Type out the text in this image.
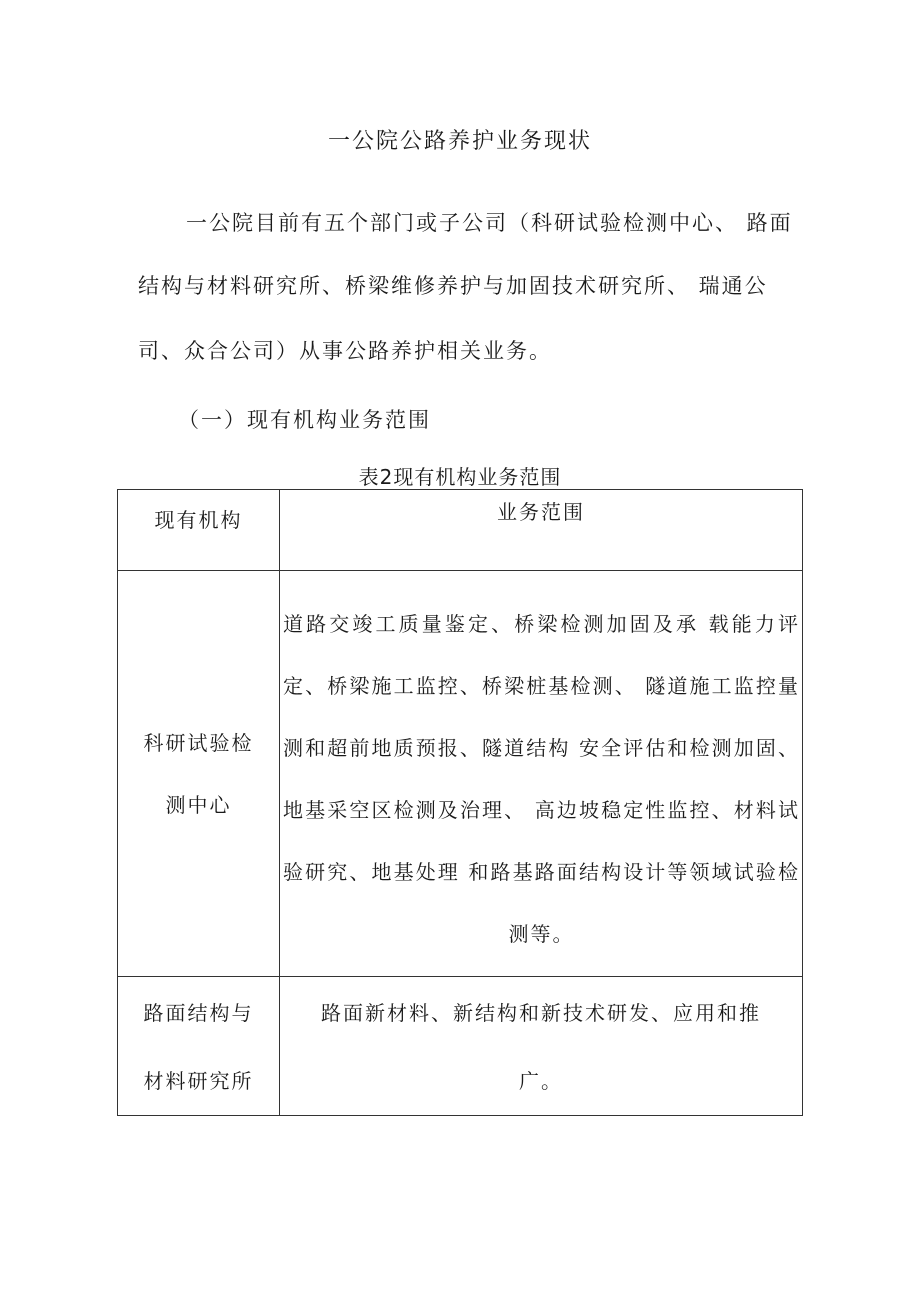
一公院公路养护业务现状
一公院目前有五个部门或子公司（科研试验检测中心、 路面
结构与材料研究所、桥梁维修养护与加固技术研究所、 瑞通公
司、众合公司）从事公路养护相关业务。
（一）现有机构业务范围
表2现有机构业务范围
现有机构	业务范围

科研试验检测中心	道路交竣工质量鉴定、桥梁检测加固及承 载能力评定、桥梁施工监控、桥梁桩基检测、 隧道施工监控量测和超前地质预报、隧道结构 安全评估和检测加固、地基采空区检测及治理、 高边坡稳定性监控、材料试验研究、地基处理 和路基路面结构设计等领域试验检测等。

路面结构与材料研究所	路面新材料、新结构和新技术研发、应用和推广。
